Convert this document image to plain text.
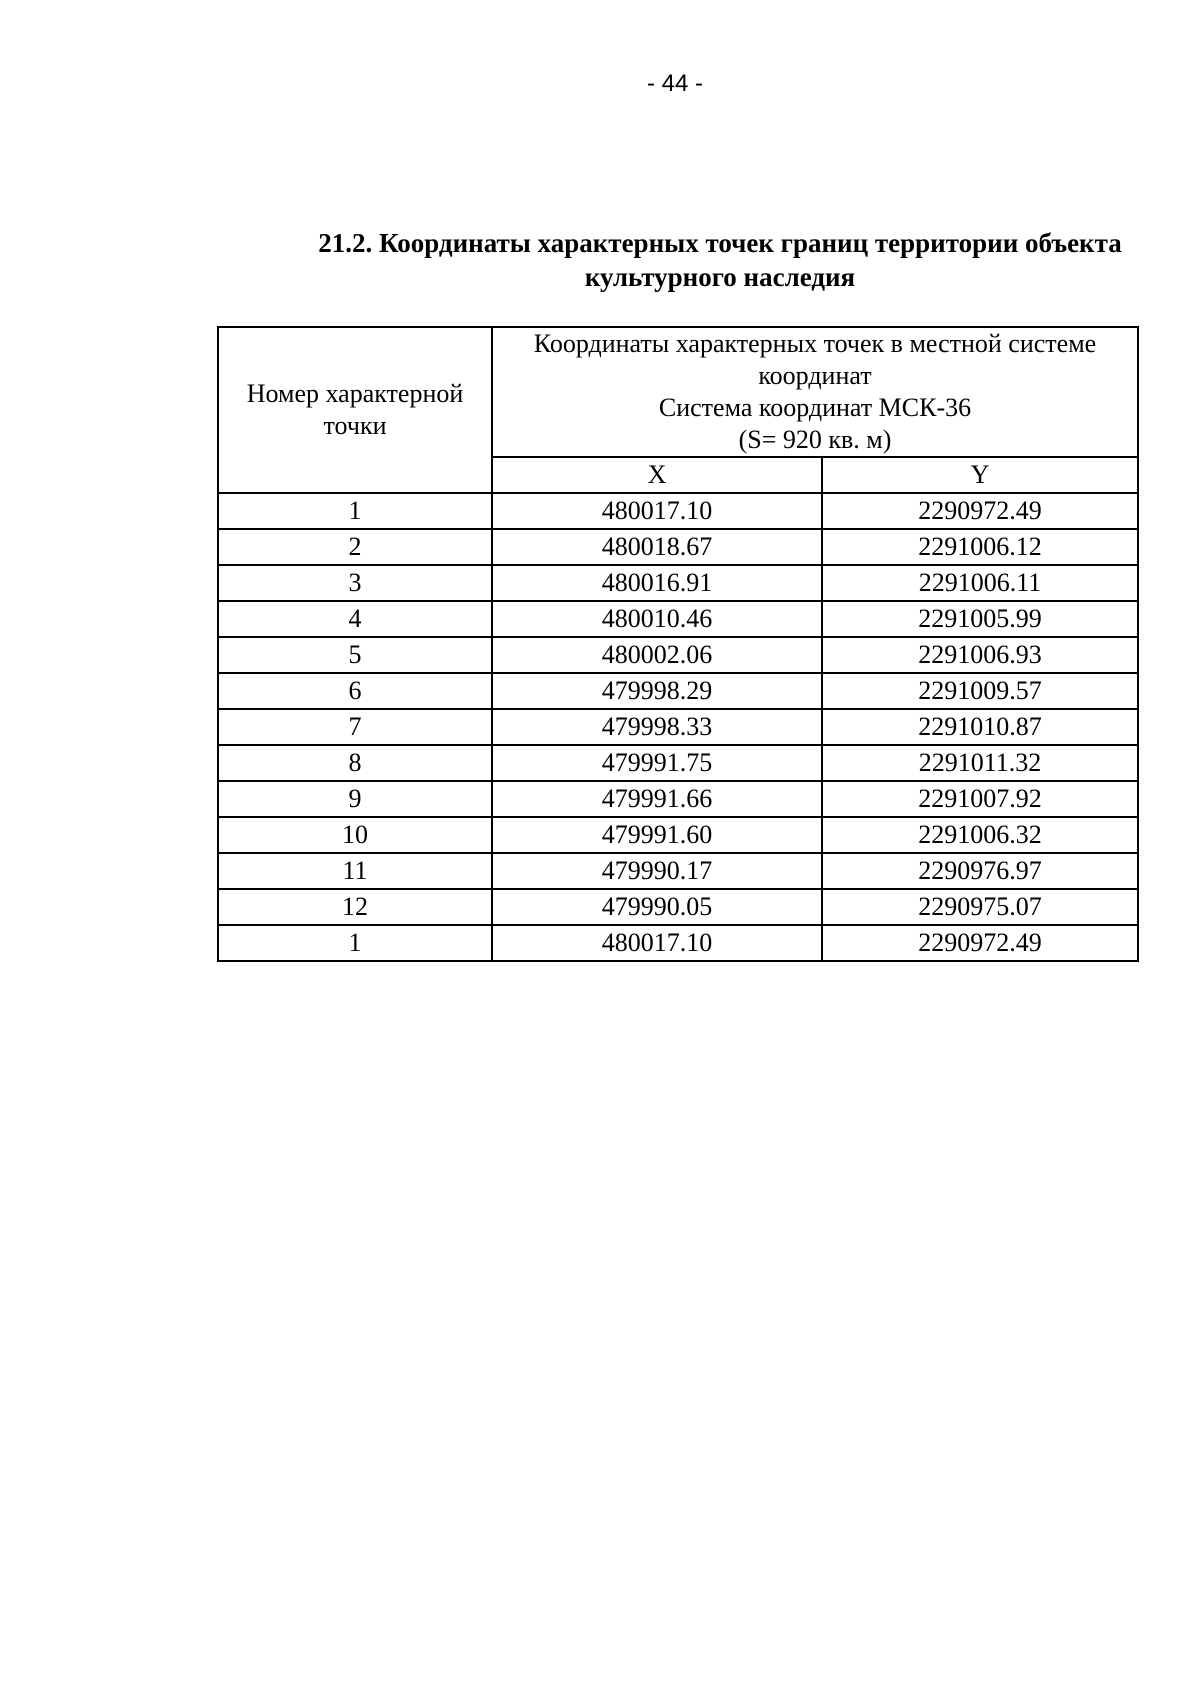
- 44 -
21.2. Координаты характерных точек границ территории объекта
культурного наследия
Номер характерной
точки	Координаты характерных точек в местной системе
координат
Система координат МСК-36
(S= 920 кв. м)	

	X	Y
1	480017.10	2290972.49
2	480018.67	2291006.12
3	480016.91	2291006.11
4	480010.46	2291005.99
5	480002.06	2291006.93
6	479998.29	2291009.57
7	479998.33	2291010.87
8	479991.75	2291011.32
9	479991.66	2291007.92
10	479991.60	2291006.32
11	479990.17	2290976.97
12	479990.05	2290975.07
1	480017.10	2290972.49
